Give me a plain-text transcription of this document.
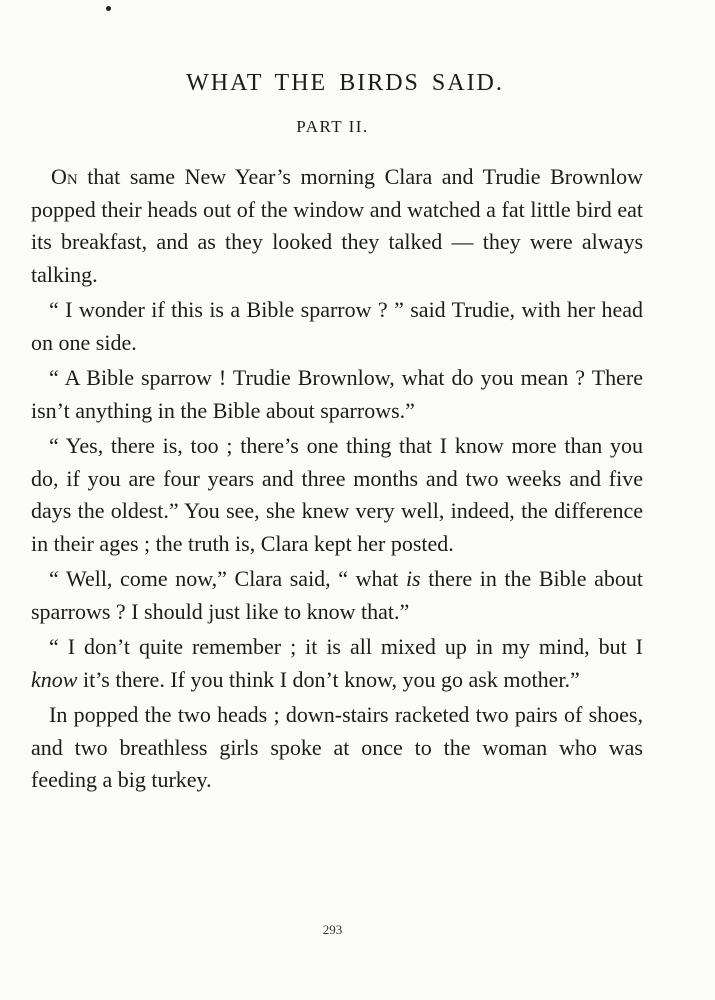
WHAT THE BIRDS SAID.
PART II.

On that same New Year’s morning Clara and Trudie Brownlow popped their heads out of the window and watched a fat little bird eat its breakfast, and as they looked they talked — they were always talking.

“ I wonder if this is a Bible sparrow ? ” said Trudie, with her head on one side.

“ A Bible sparrow ! Trudie Brownlow, what do you mean ? There isn’t anything in the Bible about sparrows.”

“ Yes, there is, too ; there’s one thing that I know more than you do, if you are four years and three months and two weeks and five days the oldest.” You see, she knew very well, indeed, the difference in their ages ; the truth is, Clara kept her posted.

“ Well, come now,” Clara said, “ what is there in the Bible about sparrows ? I should just like to know that.”

“ I don’t quite remember ; it is all mixed up in my mind, but I know it’s there. If you think I don’t know, you go ask mother.”

In popped the two heads ; down-stairs racketed two pairs of shoes, and two breathless girls spoke at once to the woman who was feeding a big turkey.

293
